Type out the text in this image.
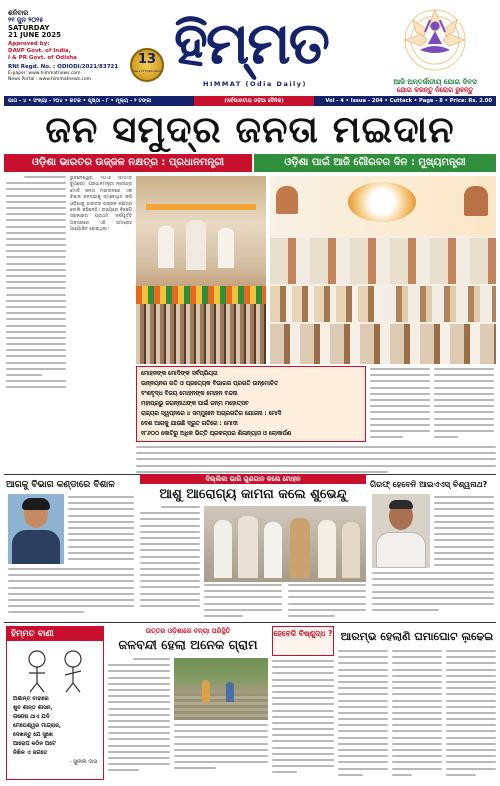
ଶନିବାର
୨୧ ଜୁନ ୨୦୨୫
SATURDAY
21 JUNE 2025
Approved by:
DAVP Govt. of India,
I & PR Govt. of Odisha
RNI Regd. No. : ODIODI/2021/83721
E-paper: www.himmatnews.com
News Portal : www.himmatnews.com
13
Years of Publication ହିମ୍ମତ
HIMMAT (Odia Daily)	ଆଜି ଅନ୍ତର୍ଜାତୀୟ ଯୋଗ ଦିବସ
ଯୋଗ କରନ୍ତୁ ନିରୋଗ ରୁହନ୍ତୁ
ଭାଗ - ୪ • ସଂଖ୍ୟା - ୨୦୪ • କଟକ • ପୃଷ୍ଠା - ୮ • ମୂଲ୍ୟ - ୨ ଟଙ୍କା	(ସର୍ବଭାରତୀୟ ଓଡ଼ିଆ ଦୈନିକ)	Vol - 4 • Issue - 204 • Cuttack • Page - 8 • Price: Rs. 2.00
ଜନ ସମୁଦ୍ର ଜନତା ମଇଦାନ
ଓଡ଼ିଶା ଭାରତର ଉଜ୍ଜଳ ନକ୍ଷତ୍ର : ପ୍ରଧାନମନ୍ତ୍ରୀ	ଓଡ଼ିଶା ପାଇଁ ଆଜି ଗୌରବର ଦିନ : ମୁଖ୍ୟମନ୍ତ୍ରୀ
ଭୁବନେଶ୍ୱର, ୨୦।୬ (ହିମ୍ମତ ବ୍ୟୁରୋ): ପ୍ରଧାନମନ୍ତ୍ରୀ ନରେନ୍ଦ୍ର ମୋଦି ଜନତା ମଇଦାନରେ ଏକ ବିଶାଳ ଜନସଭାକୁ ସମ୍ବୋଧିତ କରି ଓଡ଼ିଶାକୁ ଭାରତର ଉଜ୍ଜଳ ନକ୍ଷତ୍ର ବୋଲି କହିଛନ୍ତି। ରାଜ୍ୟରେ ବିଜେପି ସରକାରର ପ୍ରଥମ ବର୍ଷପୂର୍ତ୍ତି ଅବସରରେ ଏହି ସମାରୋହ ଆୟୋଜିତ ହୋଇଥିଲା।
ମୋହନଙ୍କ ମୋଦିଙ୍କ ସର୍ବପ୍ରିୟତା
ଉନ୍ନୟନର ଗତି ଓ ପ୍ରତ୍ୟେକ ବିଭାଗର ପ୍ରଗତି ଉନ୍ମୋଚିତ
ବଂଶବୃଦ୍ଧ ବିଜୟ ମୋହନଙ୍କ ମୋହନ ବନ୍ଦନା
ମହାପ୍ରଭୁ ଜଗନ୍ନାଥଙ୍କ ପାଇଁ ଜନ୍ମ ମହୋତ୍ସବ
ରାଜ୍ୟର ସ୍ୱପ୍ନରେ ୪ ସମ୍ମୁଖୀନ ଅଗ୍ରଗତିର ଯୋଜନା : ମୋଦି
ଦେଶ ଆଗକୁ ଯାଉଛି ଦ୍ରୁତ ଗତିରେ : ମୋଦୀ
୧୮୬୦୦ କୋଟିରୁ ଅଧିକ ଭିତ୍ତି ପ୍ରକଳ୍ପର ଶିଳାନ୍ୟାସ ଓ ଲୋକାର୍ପଣ
ଆଗକୁ ବିଭାଗ କଣ୍ଡାରେ ବିଶାଳ
ଦିଲ୍ଲିକା ଭାରି ଗୁଣଗାନ କଲେ ମୋହନ
ଆଶୁ ଆରୋଗ୍ୟ କାମନା କଲେ ଶୁଭେନ୍ଦୁ
ଗିରଫ୍ ହେବେନି ଆଇଏଏସ୍ ବିଶ୍ୱନାଥ?
ହିମ୍ମତ ବାଣୀ
ଅଶାନ୍ତ ବାହାରେ
ଖୁବ ଶାନ୍ତ ଶାସନ,
ଗଣେଷ ଥାଏ ଯଦି
ମେଘେଶ୍ୱର ମାନ୍ଦ୍ରାଜ,
ଦେଖନ୍ତୁ ଯେ ସୁଖେ
ଆରୋପ କଠିନ ଅଟେ
ନିଖିଳ ଏ ଜଗତେ
- ସୁନୀଲ ଦାସ
ଉତ୍ତର ଓଡ଼ିଶାରେ ବନ୍ୟା ପରିସ୍ଥିତି
ଜଳବନ୍ଦୀ ହେଲା ଅନେକ ଗ୍ରାମ
ହେବେକି ବିଷ୍ଣୁଦ୍ଧ ? ଆରମ୍ଭ ହେଲାଣି ଘମାଘୋଟ ଲଢେ଼ଇ
